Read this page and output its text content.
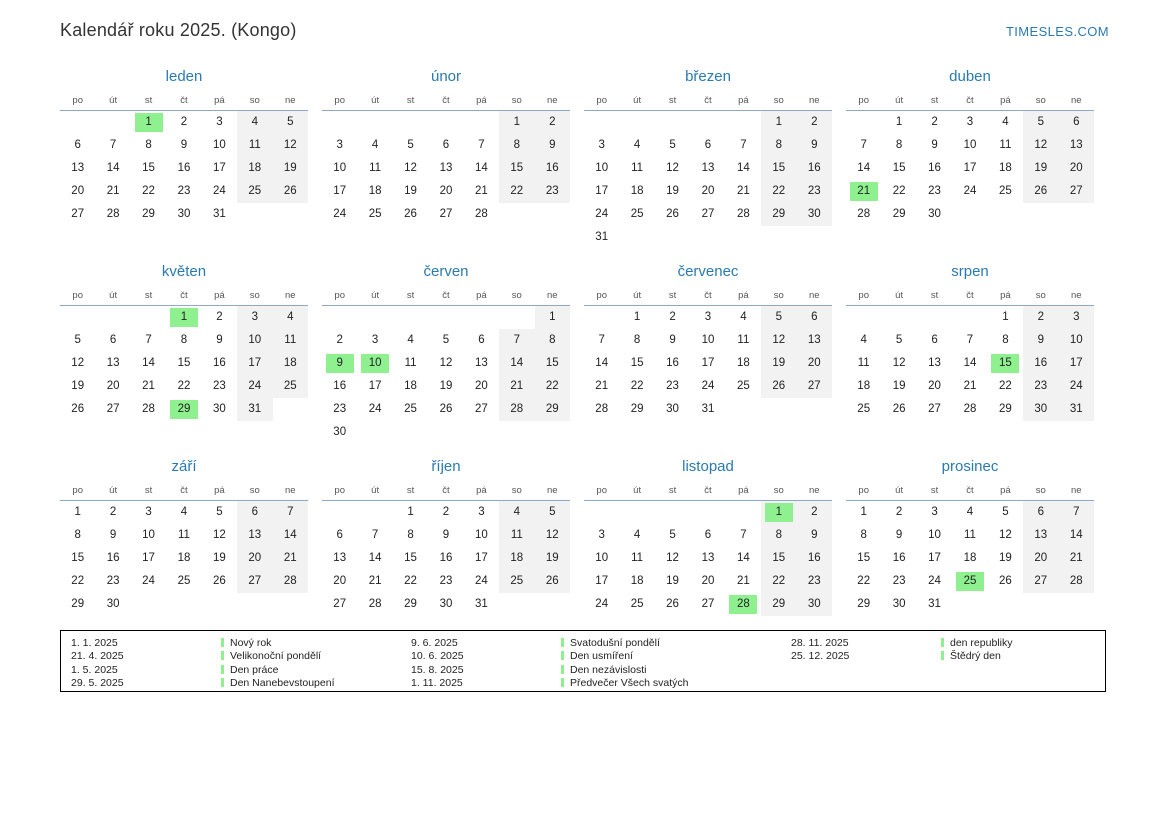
Kalendář roku 2025. (Kongo)	TIMESLES.COM
leden
po	út	st	čt	pá	so	ne
		1	2	3	4	5
6	7	8	9	10	11	12
13	14	15	16	17	18	19
20	21	22	23	24	25	26
27	28	29	30	31		
únor
po	út	st	čt	pá	so	ne
					1	2
3	4	5	6	7	8	9
10	11	12	13	14	15	16
17	18	19	20	21	22	23
24	25	26	27	28		
březen
po	út	st	čt	pá	so	ne
					1	2
3	4	5	6	7	8	9
10	11	12	13	14	15	16
17	18	19	20	21	22	23
24	25	26	27	28	29	30
31						
duben
po	út	st	čt	pá	so	ne
	1	2	3	4	5	6
7	8	9	10	11	12	13
14	15	16	17	18	19	20
21	22	23	24	25	26	27
28	29	30				
květen
po	út	st	čt	pá	so	ne
			1	2	3	4
5	6	7	8	9	10	11
12	13	14	15	16	17	18
19	20	21	22	23	24	25
26	27	28	29	30	31	
červen
po	út	st	čt	pá	so	ne
						1
2	3	4	5	6	7	8
9	10	11	12	13	14	15
16	17	18	19	20	21	22
23	24	25	26	27	28	29
30						
červenec
po	út	st	čt	pá	so	ne
	1	2	3	4	5	6
7	8	9	10	11	12	13
14	15	16	17	18	19	20
21	22	23	24	25	26	27
28	29	30	31			
srpen
po	út	st	čt	pá	so	ne
				1	2	3
4	5	6	7	8	9	10
11	12	13	14	15	16	17
18	19	20	21	22	23	24
25	26	27	28	29	30	31
září
po	út	st	čt	pá	so	ne
1	2	3	4	5	6	7
8	9	10	11	12	13	14
15	16	17	18	19	20	21
22	23	24	25	26	27	28
29	30					
říjen
po	út	st	čt	pá	so	ne
		1	2	3	4	5
6	7	8	9	10	11	12
13	14	15	16	17	18	19
20	21	22	23	24	25	26
27	28	29	30	31		
listopad
po	út	st	čt	pá	so	ne
					1	2
3	4	5	6	7	8	9
10	11	12	13	14	15	16
17	18	19	20	21	22	23
24	25	26	27	28	29	30
prosinec
po	út	st	čt	pá	so	ne
1	2	3	4	5	6	7
8	9	10	11	12	13	14
15	16	17	18	19	20	21
22	23	24	25	26	27	28
29	30	31				
1. 1. 2025	Nový rok
21. 4. 2025	Velikonoční pondělí
1. 5. 2025	Den práce
29. 5. 2025	Den Nanebevstoupení
9. 6. 2025	Svatodušní pondělí
10. 6. 2025	Den usmíření
15. 8. 2025	Den nezávislosti
1. 11. 2025	Předvečer Všech svatých
28. 11. 2025	den republiky
25. 12. 2025	Štědrý den
